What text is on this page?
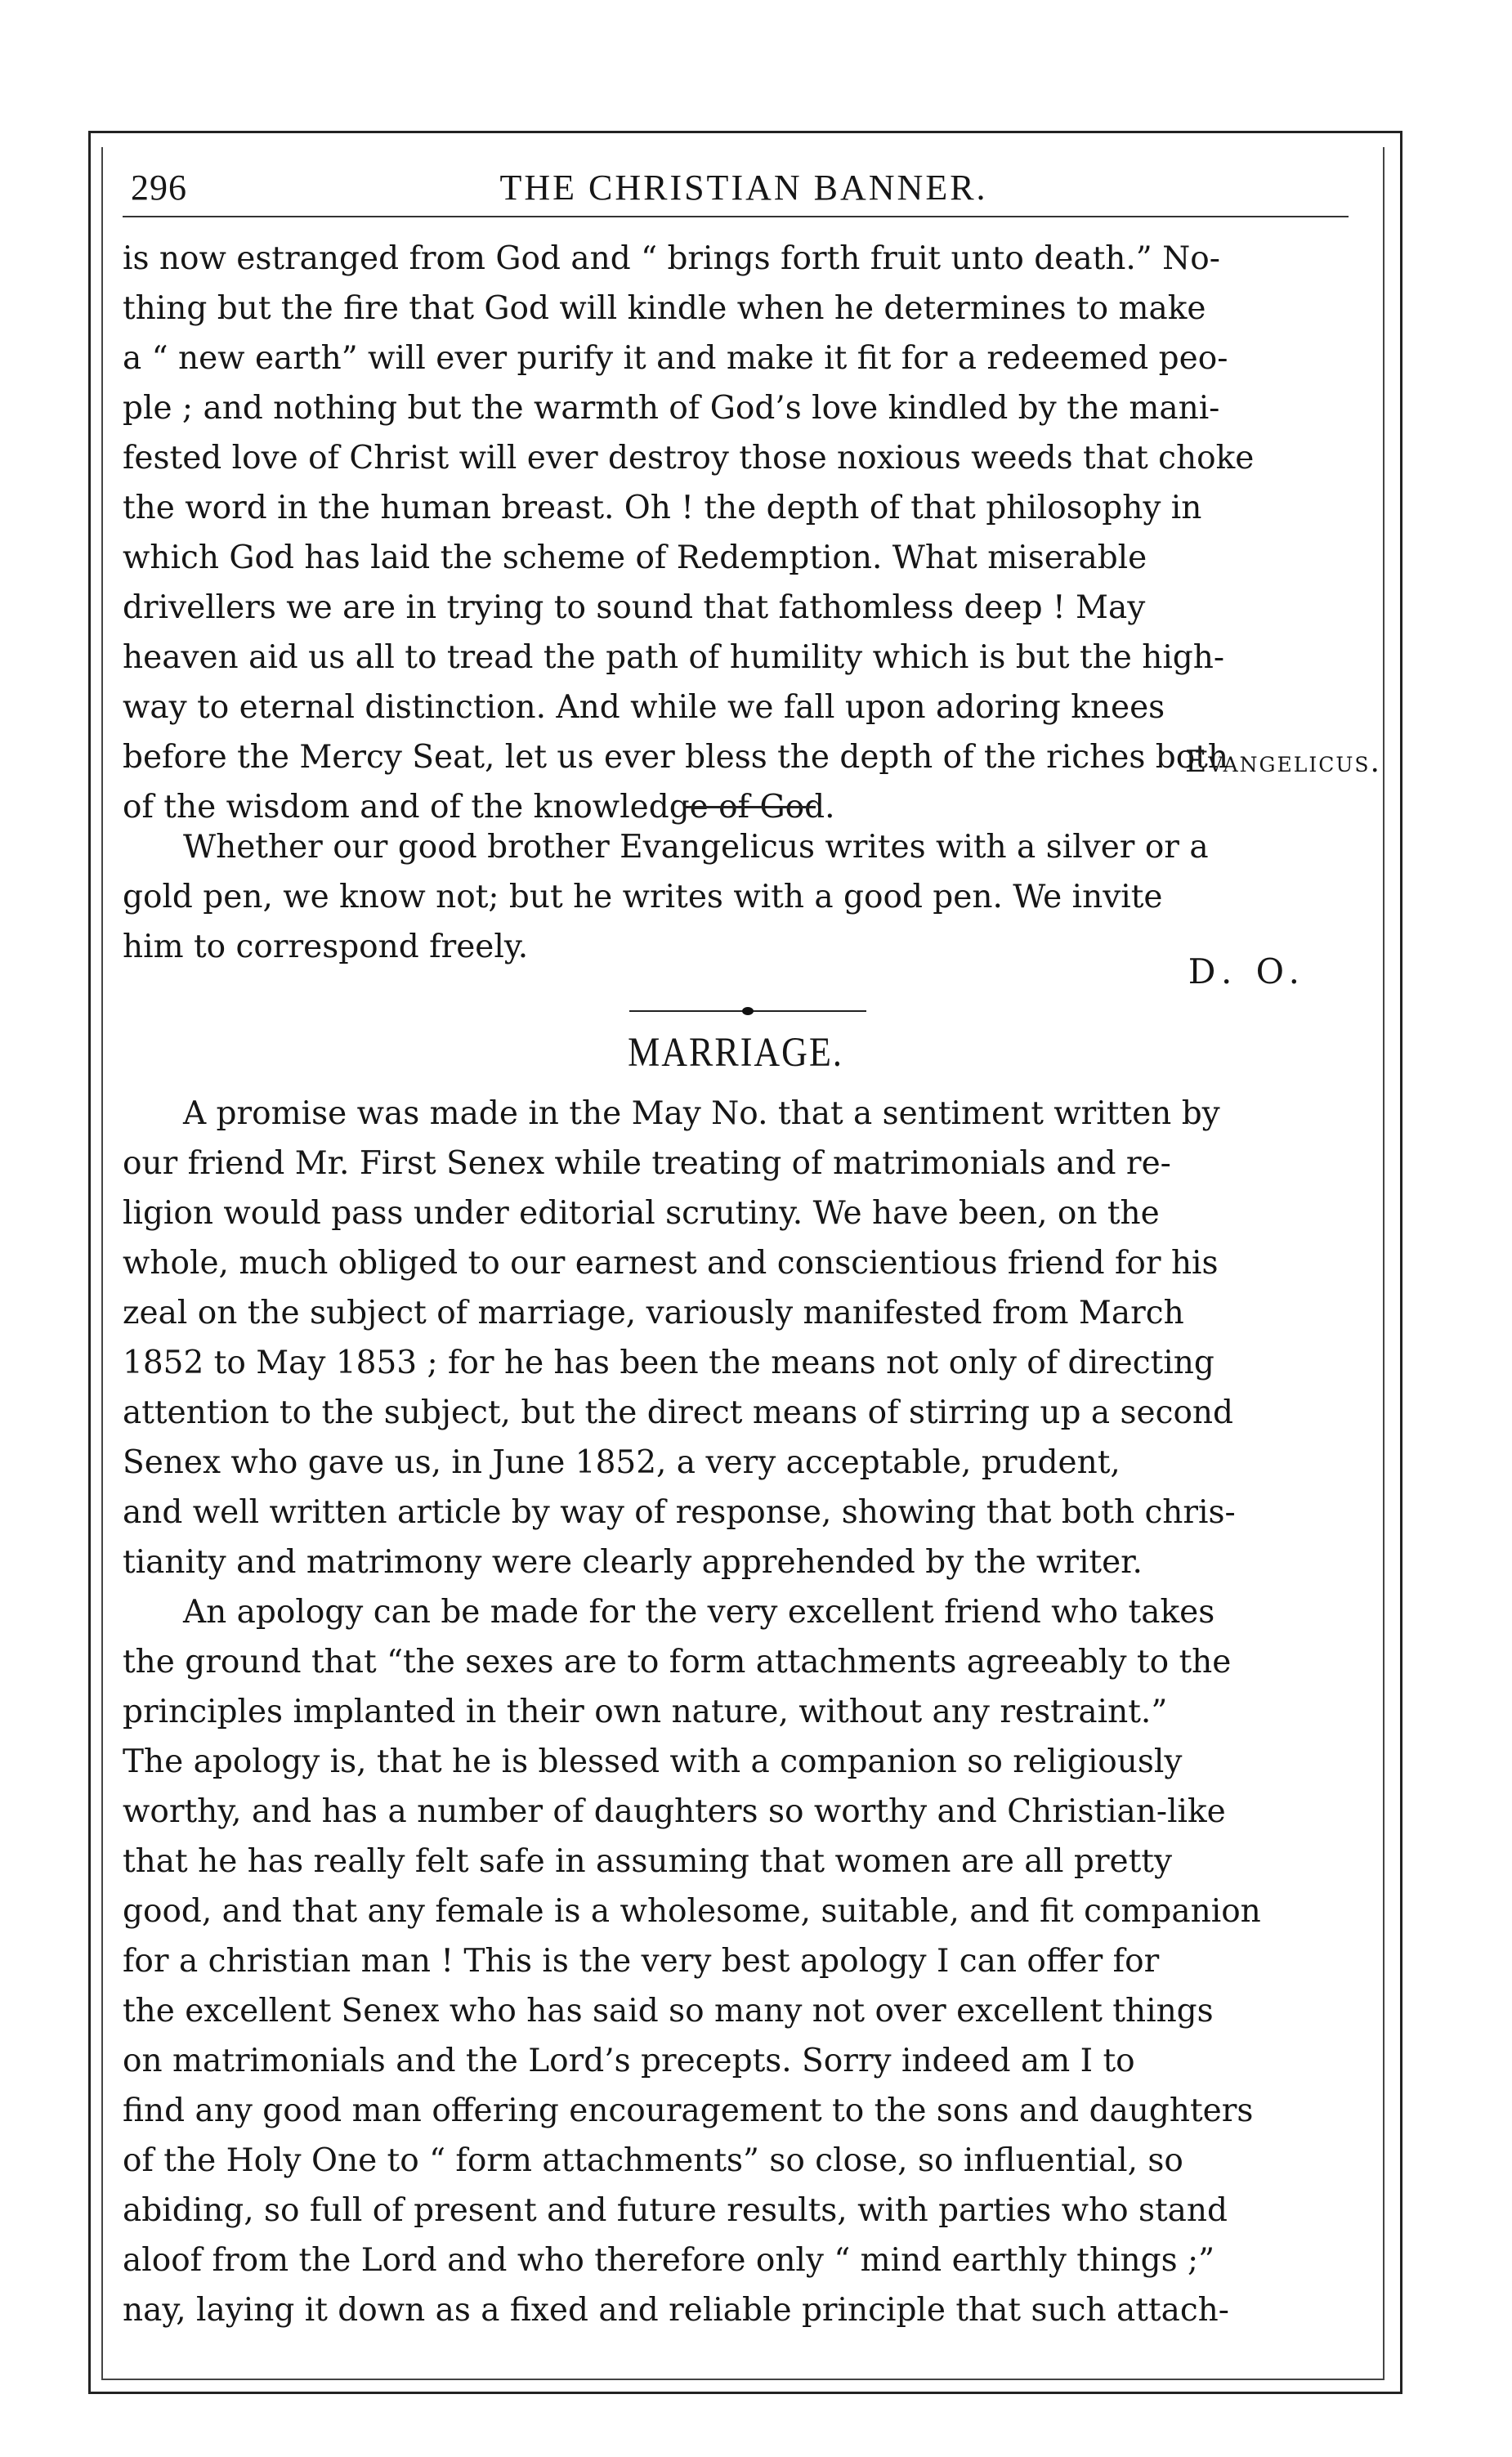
296	THE CHRISTIAN BANNER.

is now estranged from God and “ brings forth fruit unto death.” No-

thing but the fire that God will kindle when he determines to make

a “ new earth” will ever purify it and make it fit for a redeemed peo-

ple ; and nothing but the warmth of God’s love kindled by the mani-

fested love of Christ will ever destroy those noxious weeds that choke

the word in the human breast. Oh ! the depth of that philosophy in

which God has laid the scheme of Redemption. What miserable

drivellers we are in trying to sound that fathomless deep ! May

heaven aid us all to tread the path of humility which is but the high-

way to eternal distinction. And while we fall upon adoring knees

before the Mercy Seat, let us ever bless the depth of the riches both

of the wisdom and of the knowledge of God.

Evangelicus.

Whether our good brother Evangelicus writes with a silver or a

gold pen, we know not; but he writes with a good pen. We invite

him to correspond freely.

D. O.
MARRIAGE.

A promise was made in the May No. that a sentiment written by

our friend Mr. First Senex while treating of matrimonials and re-

ligion would pass under editorial scrutiny. We have been, on the

whole, much obliged to our earnest and conscientious friend for his

zeal on the subject of marriage, variously manifested from March

1852 to May 1853 ; for he has been the means not only of directing

attention to the subject, but the direct means of stirring up a second

Senex who gave us, in June 1852, a very acceptable, prudent,

and well written article by way of response, showing that both chris-

tianity and matrimony were clearly apprehended by the writer.

An apology can be made for the very excellent friend who takes

the ground that “the sexes are to form attachments agreeably to the

principles implanted in their own nature, without any restraint.”

The apology is, that he is blessed with a companion so religiously

worthy, and has a number of daughters so worthy and Christian-like

that he has really felt safe in assuming that women are all pretty

good, and that any female is a wholesome, suitable, and fit companion

for a christian man ! This is the very best apology I can offer for

the excellent Senex who has said so many not over excellent things

on matrimonials and the Lord’s precepts. Sorry indeed am I to

find any good man offering encouragement to the sons and daughters

of the Holy One to “ form attachments” so close, so influential, so

abiding, so full of present and future results, with parties who stand

aloof from the Lord and who therefore only “ mind earthly things ;”

nay, laying it down as a fixed and reliable principle that such attach-
